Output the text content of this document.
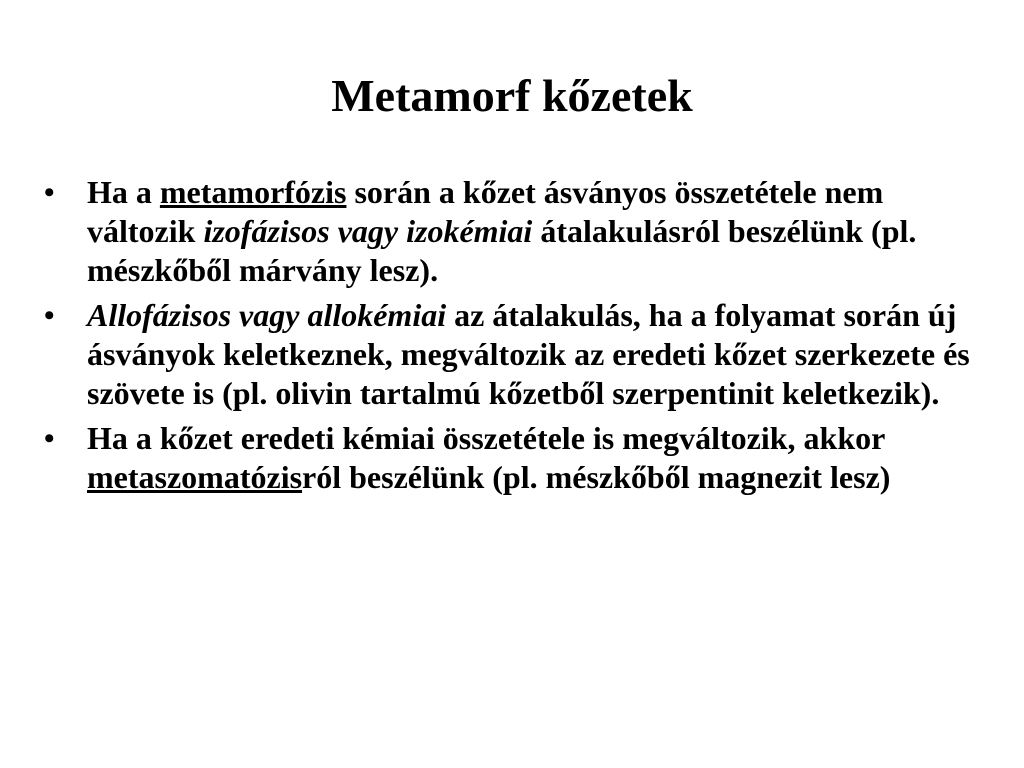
Metamorf kőzetek
• Ha a metamorfózis során a kőzet ásványos összetétele nem változik izofázisos vagy izokémiai átalakulásról beszélünk (pl. mészkőből márvány lesz).
• Allofázisos vagy allokémiai az átalakulás, ha a folyamat során új ásványok keletkeznek, megváltozik az eredeti kőzet szerkezete és szövete is (pl. olivin tartalmú kőzetből szerpentinit keletkezik).
• Ha a kőzet eredeti kémiai összetétele is megváltozik, akkor metaszomatózisról beszélünk (pl. mészkőből magnezit lesz)
